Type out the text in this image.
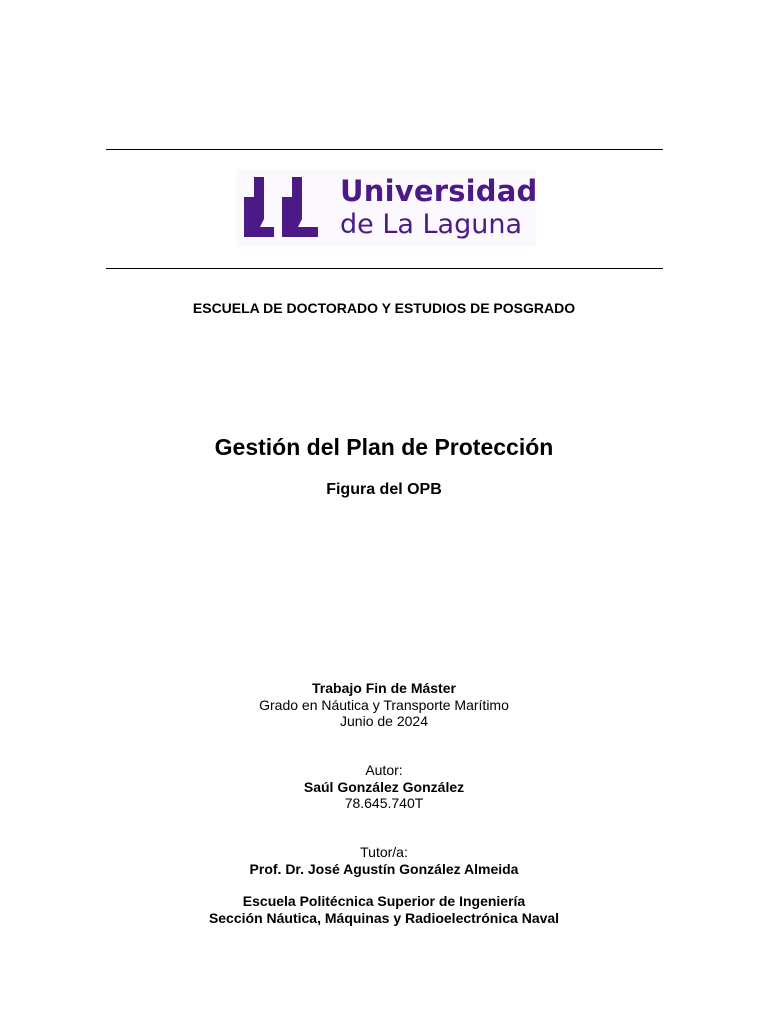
Universidad
de La Laguna
ESCUELA DE DOCTORADO Y ESTUDIOS DE POSGRADO
Gestión del Plan de Protección
Figura del OPB
Trabajo Fin de Máster
Grado en Náutica y Transporte Marítimo
Junio de 2024
Autor:
Saúl González González
78.645.740T
Tutor/a:
Prof. Dr. José Agustín González Almeida
Escuela Politécnica Superior de Ingeniería
Sección Náutica, Máquinas y Radioelectrónica Naval
